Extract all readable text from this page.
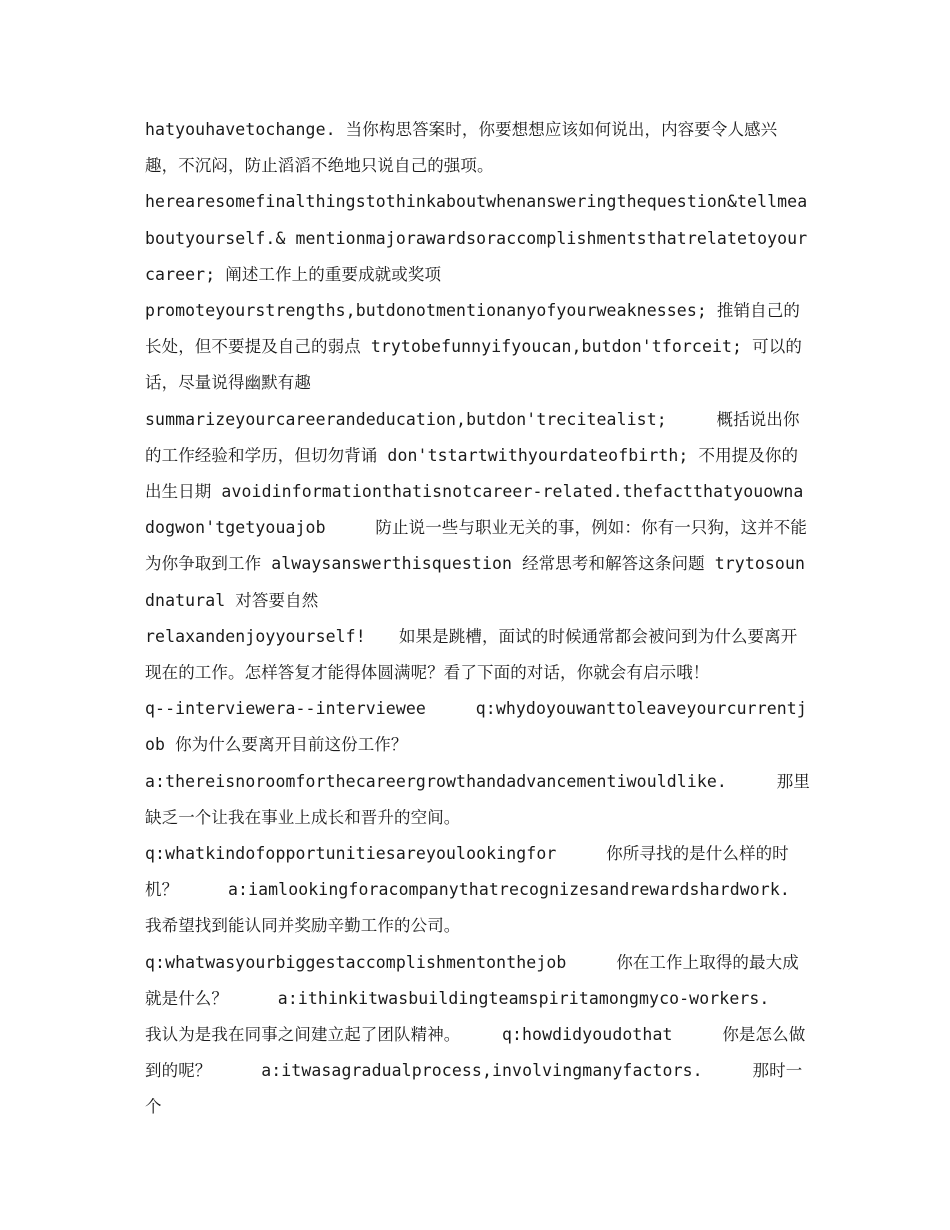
hatyouhavetochange. 当你构思答案时，你要想想应该如何说出，内容要令人感兴趣，不沉闷，防止滔滔不绝地只说自己的强项。

herearesomefinalthingstothinkaboutwhenansweringthequestion&tellmeaboutyourself.& mentionmajorawardsoraccomplishmentsthatrelatetoyourcareer; 阐述工作上的重要成就或奖项

promoteyourstrengths,butdonotmentionanyofyourweaknesses; 推销自己的长处，但不要提及自己的弱点 trytobefunnyifyoucan,butdon'tforceit; 可以的话，尽量说得幽默有趣

summarizeyourcareerandeducation,butdon'trecitealist;　　　概括说出你的工作经验和学历，但切勿背诵 don'tstartwithyourdateofbirth; 不用提及你的出生日期 avoidinformationthatisnotcareer-related.thefactthatyouownadogwon'tgetyouajob　　　防止说一些与职业无关的事，例如：你有一只狗，这并不能为你争取到工作 alwaysanswerthisquestion 经常思考和解答这条问题 trytosoundnatural 对答要自然

relaxandenjoyyourself!　　如果是跳槽，面试的时候通常都会被问到为什么要离开现在的工作。怎样答复才能得体圆满呢？看了下面的对话，你就会有启示哦！

q--interviewera--interviewee　　　q:whydoyouwanttoleaveyourcurrentjob 你为什么要离开目前这份工作？

a:thereisnoroomforthecareergrowthandadvancementiwouldlike.　　　那里缺乏一个让我在事业上成长和晋升的空间。

q:whatkindofopportunitiesareyoulookingfor　　　你所寻找的是什么样的时机？　　　a:iamlookingforacompanythatrecognizesandrewardshardwork. 我希望找到能认同并奖励辛勤工作的公司。

q:whatwasyourbiggestaccomplishmentonthejob　　　你在工作上取得的最大成就是什么？　　　a:ithinkitwasbuildingteamspiritamongmyco-workers.　　　我认为是我在同事之间建立起了团队精神。　　　q:howdidyoudothat　　　你是怎么做到的呢？　　　a:itwasagradualprocess,involvingmanyfactors.　　　那时一个
